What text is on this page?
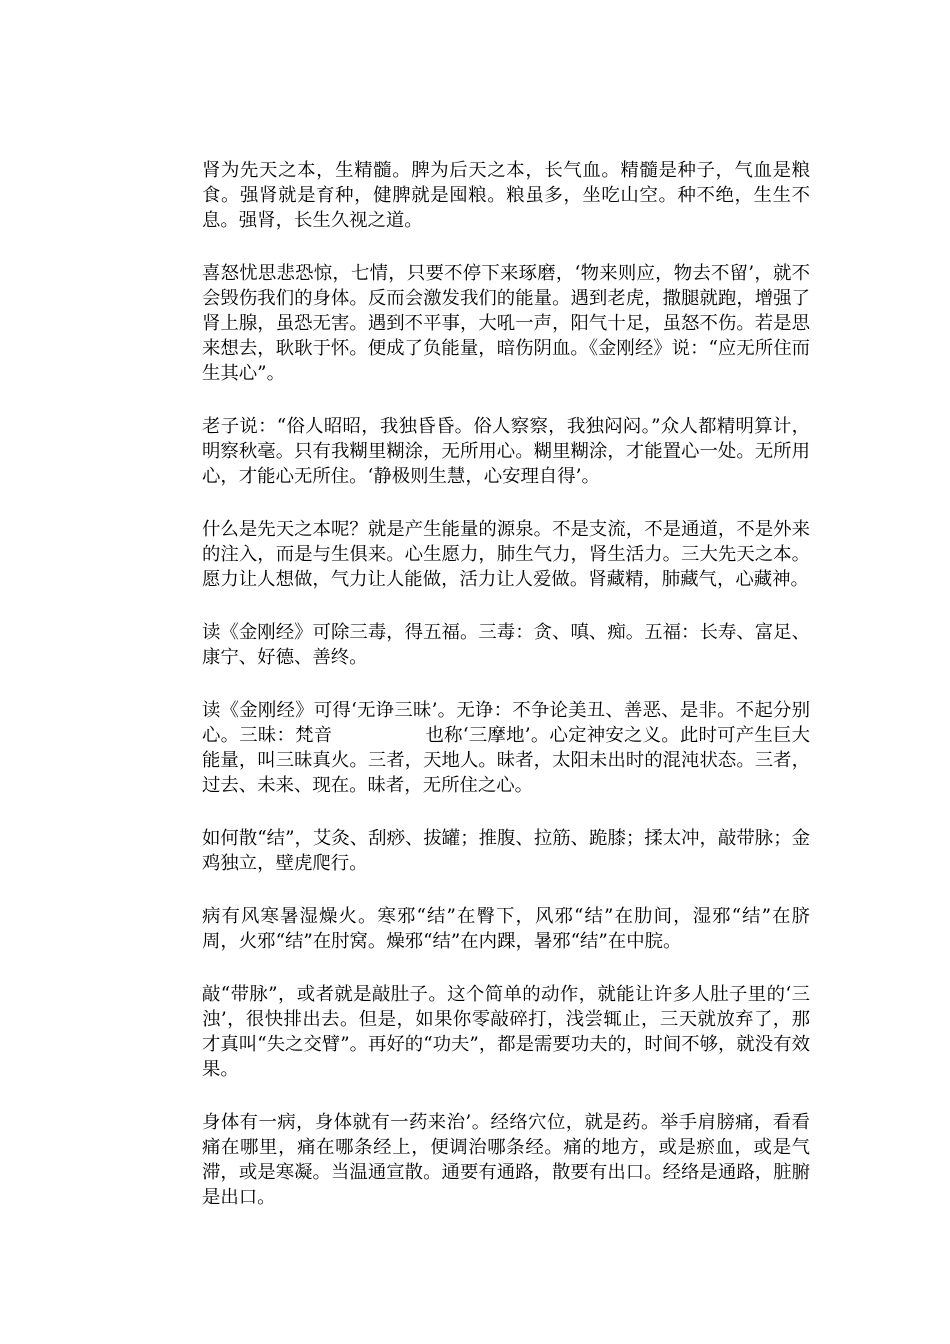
肾为先天之本，生精髓。脾为后天之本，长气血。精髓是种子，气血是粮食。强肾就是育种，健脾就是囤粮。粮虽多，坐吃山空。种不绝，生生不息。强肾，长生久视之道。

喜怒忧思悲恐惊，七情，只要不停下来琢磨，‘物来则应，物去不留’，就不会毁伤我们的身体。反而会激发我们的能量。遇到老虎，撒腿就跑，增强了肾上腺，虽恐无害。遇到不平事，大吼一声，阳气十足，虽怒不伤。若是思来想去，耿耿于怀。便成了负能量，暗伤阴血。《金刚经》说：“应无所住而生其心”。

老子说：“俗人昭昭，我独昏昏。俗人察察，我独闷闷。”众人都精明算计，明察秋毫。只有我糊里糊涂，无所用心。糊里糊涂，才能置心一处。无所用心，才能心无所住。‘静极则生慧，心安理自得’。

什么是先天之本呢？就是产生能量的源泉。不是支流，不是通道，不是外来的注入，而是与生俱来。心生愿力，肺生气力，肾生活力。三大先天之本。愿力让人想做，气力让人能做，活力让人爱做。肾藏精，肺藏气，心藏神。

读《金刚经》可除三毒，得五福。三毒：贪、嗔、痴。五福：长寿、富足、康宁、好德、善终。

读《金刚经》可得‘无诤三昧’。无诤：不争论美丑、善恶、是非。不起分别心。三昧：梵音　　　　　也称‘三摩地’。心定神安之义。此时可产生巨大能量，叫三昧真火。三者，天地人。昧者，太阳未出时的混沌状态。三者，过去、未来、现在。昧者，无所住之心。

如何散“结”，艾灸、刮痧、拔罐；推腹、拉筋、跪膝；揉太冲，敲带脉；金鸡独立，壁虎爬行。

病有风寒暑湿燥火。寒邪“结”在臀下，风邪“结”在肋间，湿邪“结”在脐周，火邪“结”在肘窝。燥邪“结”在内踝，暑邪“结”在中脘。

敲“带脉”，或者就是敲肚子。这个简单的动作，就能让许多人肚子里的‘三浊’，很快排出去。但是，如果你零敲碎打，浅尝辄止，三天就放弃了，那才真叫“失之交臂”。再好的“功夫”，都是需要功夫的，时间不够，就没有效果。

身体有一病，身体就有一药来治’。经络穴位，就是药。举手肩膀痛，看看痛在哪里，痛在哪条经上，便调治哪条经。痛的地方，或是瘀血，或是气滞，或是寒凝。当温通宣散。通要有通路，散要有出口。经络是通路，脏腑是出口。
